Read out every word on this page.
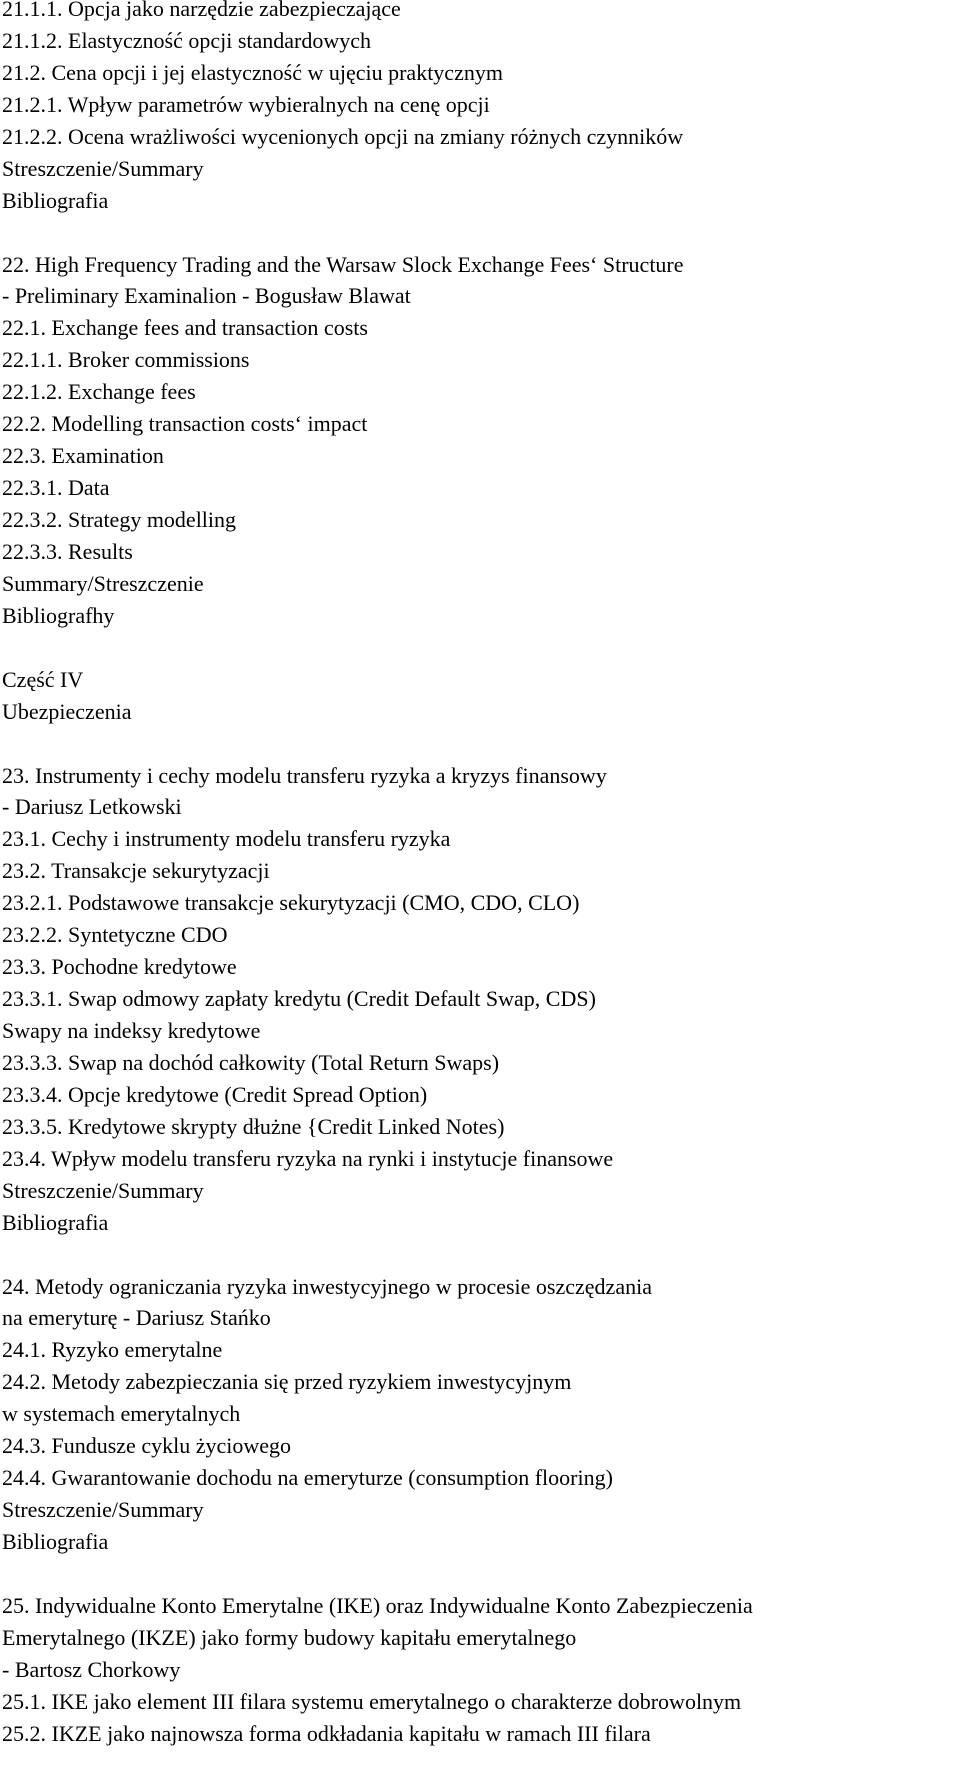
21.1.1. Opcja jako narzędzie zabezpieczające
21.1.2. Elastyczność opcji standardowych
21.2. Cena opcji i jej elastyczność w ujęciu praktycznym
21.2.1. Wpływ parametrów wybieralnych na cenę opcji
21.2.2. Ocena wrażliwości wycenionych opcji na zmiany różnych czynników
Streszczenie/Summary
Bibliografia
22. High Frequency Trading and the Warsaw Slock Exchange Fees‘ Structure
- Preliminary Examinalion - Bogusław Blawat
22.1. Exchange fees and transaction costs
22.1.1. Broker commissions
22.1.2. Exchange fees
22.2. Modelling transaction costs‘ impact
22.3. Examination
22.3.1. Data
22.3.2. Strategy modelling
22.3.3. Results
Summary/Streszczenie
Bibliografhy
Część IV
Ubezpieczenia
23. Instrumenty i cechy modelu transferu ryzyka a kryzys finansowy
- Dariusz Letkowski
23.1. Cechy i instrumenty modelu transferu ryzyka
23.2. Transakcje sekurytyzacji
23.2.1. Podstawowe transakcje sekurytyzacji (CMO, CDO, CLO)
23.2.2. Syntetyczne CDO
23.3. Pochodne kredytowe
23.3.1. Swap odmowy zapłaty kredytu (Credit Default Swap, CDS)
Swapy na indeksy kredytowe
23.3.3. Swap na dochód całkowity (Total Return Swaps)
23.3.4. Opcje kredytowe (Credit Spread Option)
23.3.5. Kredytowe skrypty dłużne {Credit Linked Notes)
23.4. Wpływ modelu transferu ryzyka na rynki i instytucje finansowe
Streszczenie/Summary
Bibliografia
24. Metody ograniczania ryzyka inwestycyjnego w procesie oszczędzania
na emeryturę - Dariusz Stańko
24.1. Ryzyko emerytalne
24.2. Metody zabezpieczania się przed ryzykiem inwestycyjnym
w systemach emerytalnych
24.3. Fundusze cyklu życiowego
24.4. Gwarantowanie dochodu na emeryturze (consumption flooring)
Streszczenie/Summary
Bibliografia
25. Indywidualne Konto Emerytalne (IKE) oraz Indywidualne Konto Zabezpieczenia
Emerytalnego (IKZE) jako formy budowy kapitału emerytalnego
- Bartosz Chorkowy
25.1. IKE jako element III filara systemu emerytalnego o charakterze dobrowolnym
25.2. IKZE jako najnowsza forma odkładania kapitału w ramach III filara
